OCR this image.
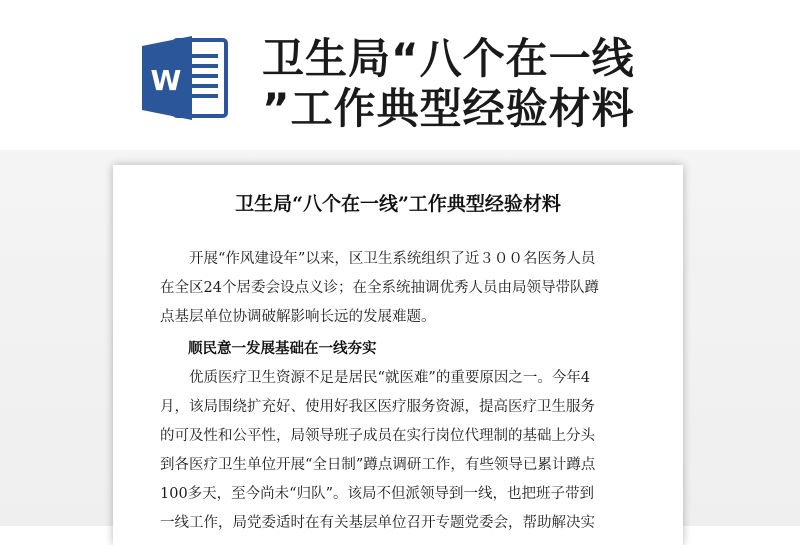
W 卫生局“八个在一线
”工作典型经验材料
卫生局“八个在一线”工作典型经验材料
开展“作风建设年”以来，区卫生系统组织了近３００名医务人员
在全区24个居委会设点义诊；在全系统抽调优秀人员由局领导带队蹲
点基层单位协调破解影响长远的发展难题。
顺民意一发展基础在一线夯实
优质医疗卫生资源不足是居民“就医难”的重要原因之一。今年4
月，该局围绕扩充好、使用好我区医疗服务资源，提高医疗卫生服务
的可及性和公平性，局领导班子成员在实行岗位代理制的基础上分头
到各医疗卫生单位开展“全日制”蹲点调研工作，有些领导已累计蹲点
100多天，至今尚未“归队”。该局不但派领导到一线，也把班子带到
一线工作，局党委适时在有关基层单位召开专题党委会，帮助解决实
